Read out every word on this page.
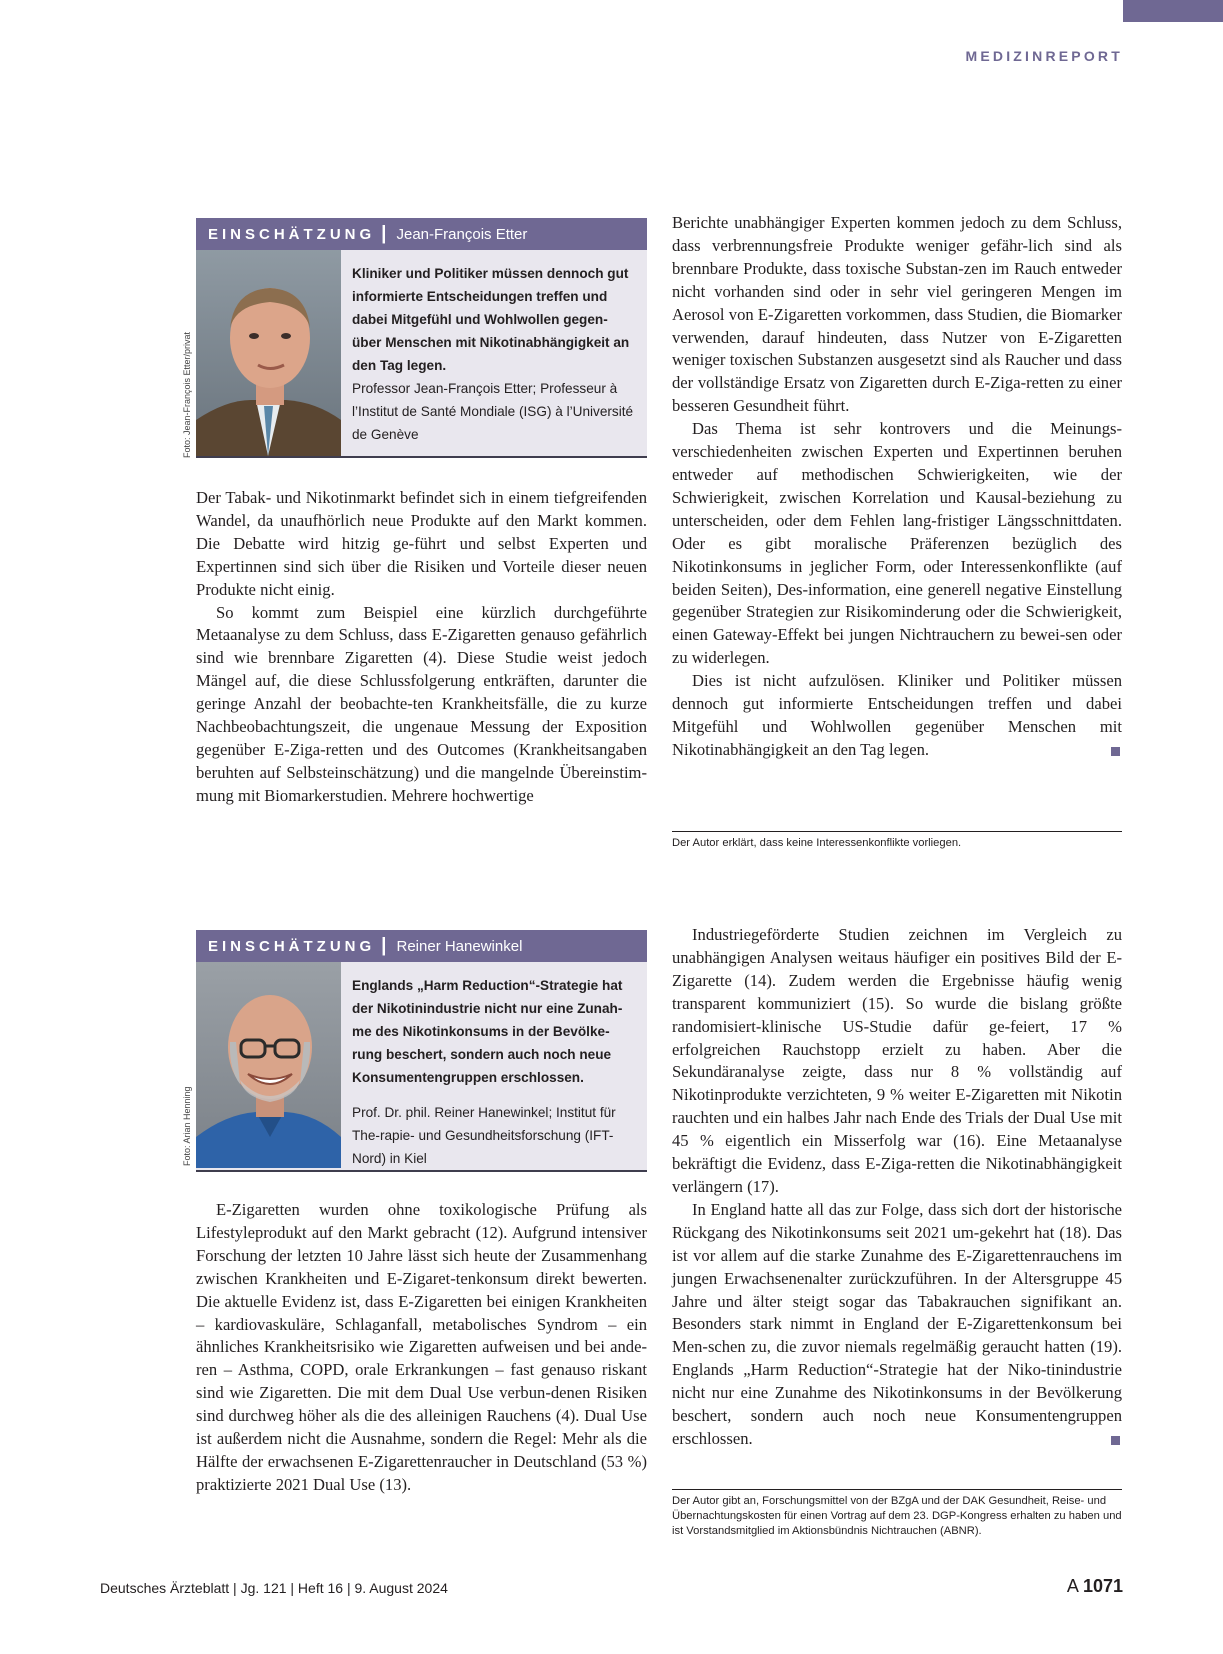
MEDIZINREPORT
EINSCHÄTZUNG | Jean-François Etter
Kliniker und Politiker müssen dennoch gut informierte Entscheidungen treffen und dabei Mitgefühl und Wohlwollen gegen-über Menschen mit Nikotinabhängigkeit an den Tag legen.
Professor Jean-François Etter; Professeur à l’Institut de Santé Mondiale (ISG) à l’Université de Genève
Foto: Jean-François Etter/privat

Der Tabak- und Nikotinmarkt befindet sich in einem tiefgreifenden Wandel, da unaufhörlich neue Produkte auf den Markt kommen. Die Debatte wird hitzig ge-führt und selbst Experten und Expertinnen sind sich über die Risiken und Vorteile dieser neuen Produkte nicht einig.

So kommt zum Beispiel eine kürzlich durchgeführte Metaanalyse zu dem Schluss, dass E-Zigaretten genauso gefährlich sind wie brennbare Zigaretten (4). Diese Studie weist jedoch Mängel auf, die diese Schlussfolgerung entkräften, darunter die geringe Anzahl der beobachte-ten Krankheitsfälle, die zu kurze Nachbeobachtungszeit, die ungenaue Messung der Exposition gegenüber E-Ziga-retten und des Outcomes (Krankheitsangaben beruhten auf Selbsteinschätzung) und die mangelnde Übereinstim-mung mit Biomarkerstudien. Mehrere hochwertige

Berichte unabhängiger Experten kommen jedoch zu dem Schluss, dass verbrennungsfreie Produkte weniger gefähr-lich sind als brennbare Produkte, dass toxische Substan-zen im Rauch entweder nicht vorhanden sind oder in sehr viel geringeren Mengen im Aerosol von E-Zigaretten vorkommen, dass Studien, die Biomarker verwenden, darauf hindeuten, dass Nutzer von E-Zigaretten weniger toxischen Substanzen ausgesetzt sind als Raucher und dass der vollständige Ersatz von Zigaretten durch E-Ziga-retten zu einer besseren Gesundheit führt.

Das Thema ist sehr kontrovers und die Meinungs-verschiedenheiten zwischen Experten und Expertinnen beruhen entweder auf methodischen Schwierigkeiten, wie der Schwierigkeit, zwischen Korrelation und Kausal-beziehung zu unterscheiden, oder dem Fehlen lang-fristiger Längsschnittdaten. Oder es gibt moralische Präferenzen bezüglich des Nikotinkonsums in jeglicher Form, oder Interessenkonflikte (auf beiden Seiten), Des-information, eine generell negative Einstellung gegenüber Strategien zur Risikominderung oder die Schwierigkeit, einen Gateway-Effekt bei jungen Nichtrauchern zu bewei-sen oder zu widerlegen.

Dies ist nicht aufzulösen. Kliniker und Politiker müssen dennoch gut informierte Entscheidungen treffen und dabei Mitgefühl und Wohlwollen gegenüber Menschen mit Nikotinabhängigkeit an den Tag legen.

Der Autor erklärt, dass keine Interessenkonflikte vorliegen.
EINSCHÄTZUNG | Reiner Hanewinkel
Englands „Harm Reduction“-Strategie hat der Nikotinindustrie nicht nur eine Zunah-me des Nikotinkonsums in der Bevölke-rung beschert, sondern auch noch neue Konsumentengruppen erschlossen.
Prof. Dr. phil. Reiner Hanewinkel; Institut für The-rapie- und Gesundheitsforschung (IFT-Nord) in Kiel
Foto: Arian Henning

E-Zigaretten wurden ohne toxikologische Prüfung als Lifestyleprodukt auf den Markt gebracht (12). Aufgrund intensiver Forschung der letzten 10 Jahre lässt sich heute der Zusammenhang zwischen Krankheiten und E-Zigaret-tenkonsum direkt bewerten. Die aktuelle Evidenz ist, dass E-Zigaretten bei einigen Krankheiten – kardiovaskuläre, Schlaganfall, metabolisches Syndrom – ein ähnliches Krankheitsrisiko wie Zigaretten aufweisen und bei ande-ren – Asthma, COPD, orale Erkrankungen – fast genauso riskant sind wie Zigaretten. Die mit dem Dual Use verbun-denen Risiken sind durchweg höher als die des alleinigen Rauchens (4). Dual Use ist außerdem nicht die Ausnahme, sondern die Regel: Mehr als die Hälfte der erwachsenen E-Zigarettenraucher in Deutschland (53 %) praktizierte 2021 Dual Use (13).

Industriegeförderte Studien zeichnen im Vergleich zu unabhängigen Analysen weitaus häufiger ein positives Bild der E-Zigarette (14). Zudem werden die Ergebnisse häufig wenig transparent kommuniziert (15). So wurde die bislang größte randomisiert-klinische US-Studie dafür ge-feiert, 17 % erfolgreichen Rauchstopp erzielt zu haben. Aber die Sekundäranalyse zeigte, dass nur 8 % vollständig auf Nikotinprodukte verzichteten, 9 % weiter E-Zigaretten mit Nikotin rauchten und ein halbes Jahr nach Ende des Trials der Dual Use mit 45 % eigentlich ein Misserfolg war (16). Eine Metaanalyse bekräftigt die Evidenz, dass E-Ziga-retten die Nikotinabhängigkeit verlängern (17).

In England hatte all das zur Folge, dass sich dort der historische Rückgang des Nikotinkonsums seit 2021 um-gekehrt hat (18). Das ist vor allem auf die starke Zunahme des E-Zigarettenrauchens im jungen Erwachsenenalter zurückzuführen. In der Altersgruppe 45 Jahre und älter steigt sogar das Tabakrauchen signifikant an. Besonders stark nimmt in England der E-Zigarettenkonsum bei Men-schen zu, die zuvor niemals regelmäßig geraucht hatten (19). Englands „Harm Reduction“-Strategie hat der Niko-tinindustrie nicht nur eine Zunahme des Nikotinkonsums in der Bevölkerung beschert, sondern auch noch neue Konsumentengruppen erschlossen.

Der Autor gibt an, Forschungsmittel von der BZgA und der DAK Gesundheit, Reise- und Übernachtungskosten für einen Vortrag auf dem 23. DGP-Kongress erhalten zu haben und ist Vorstandsmitglied im Aktionsbündnis Nichtrauchen (ABNR).
Deutsches Ärzteblatt | Jg. 121 | Heft 16 | 9. August 2024	A 1071
